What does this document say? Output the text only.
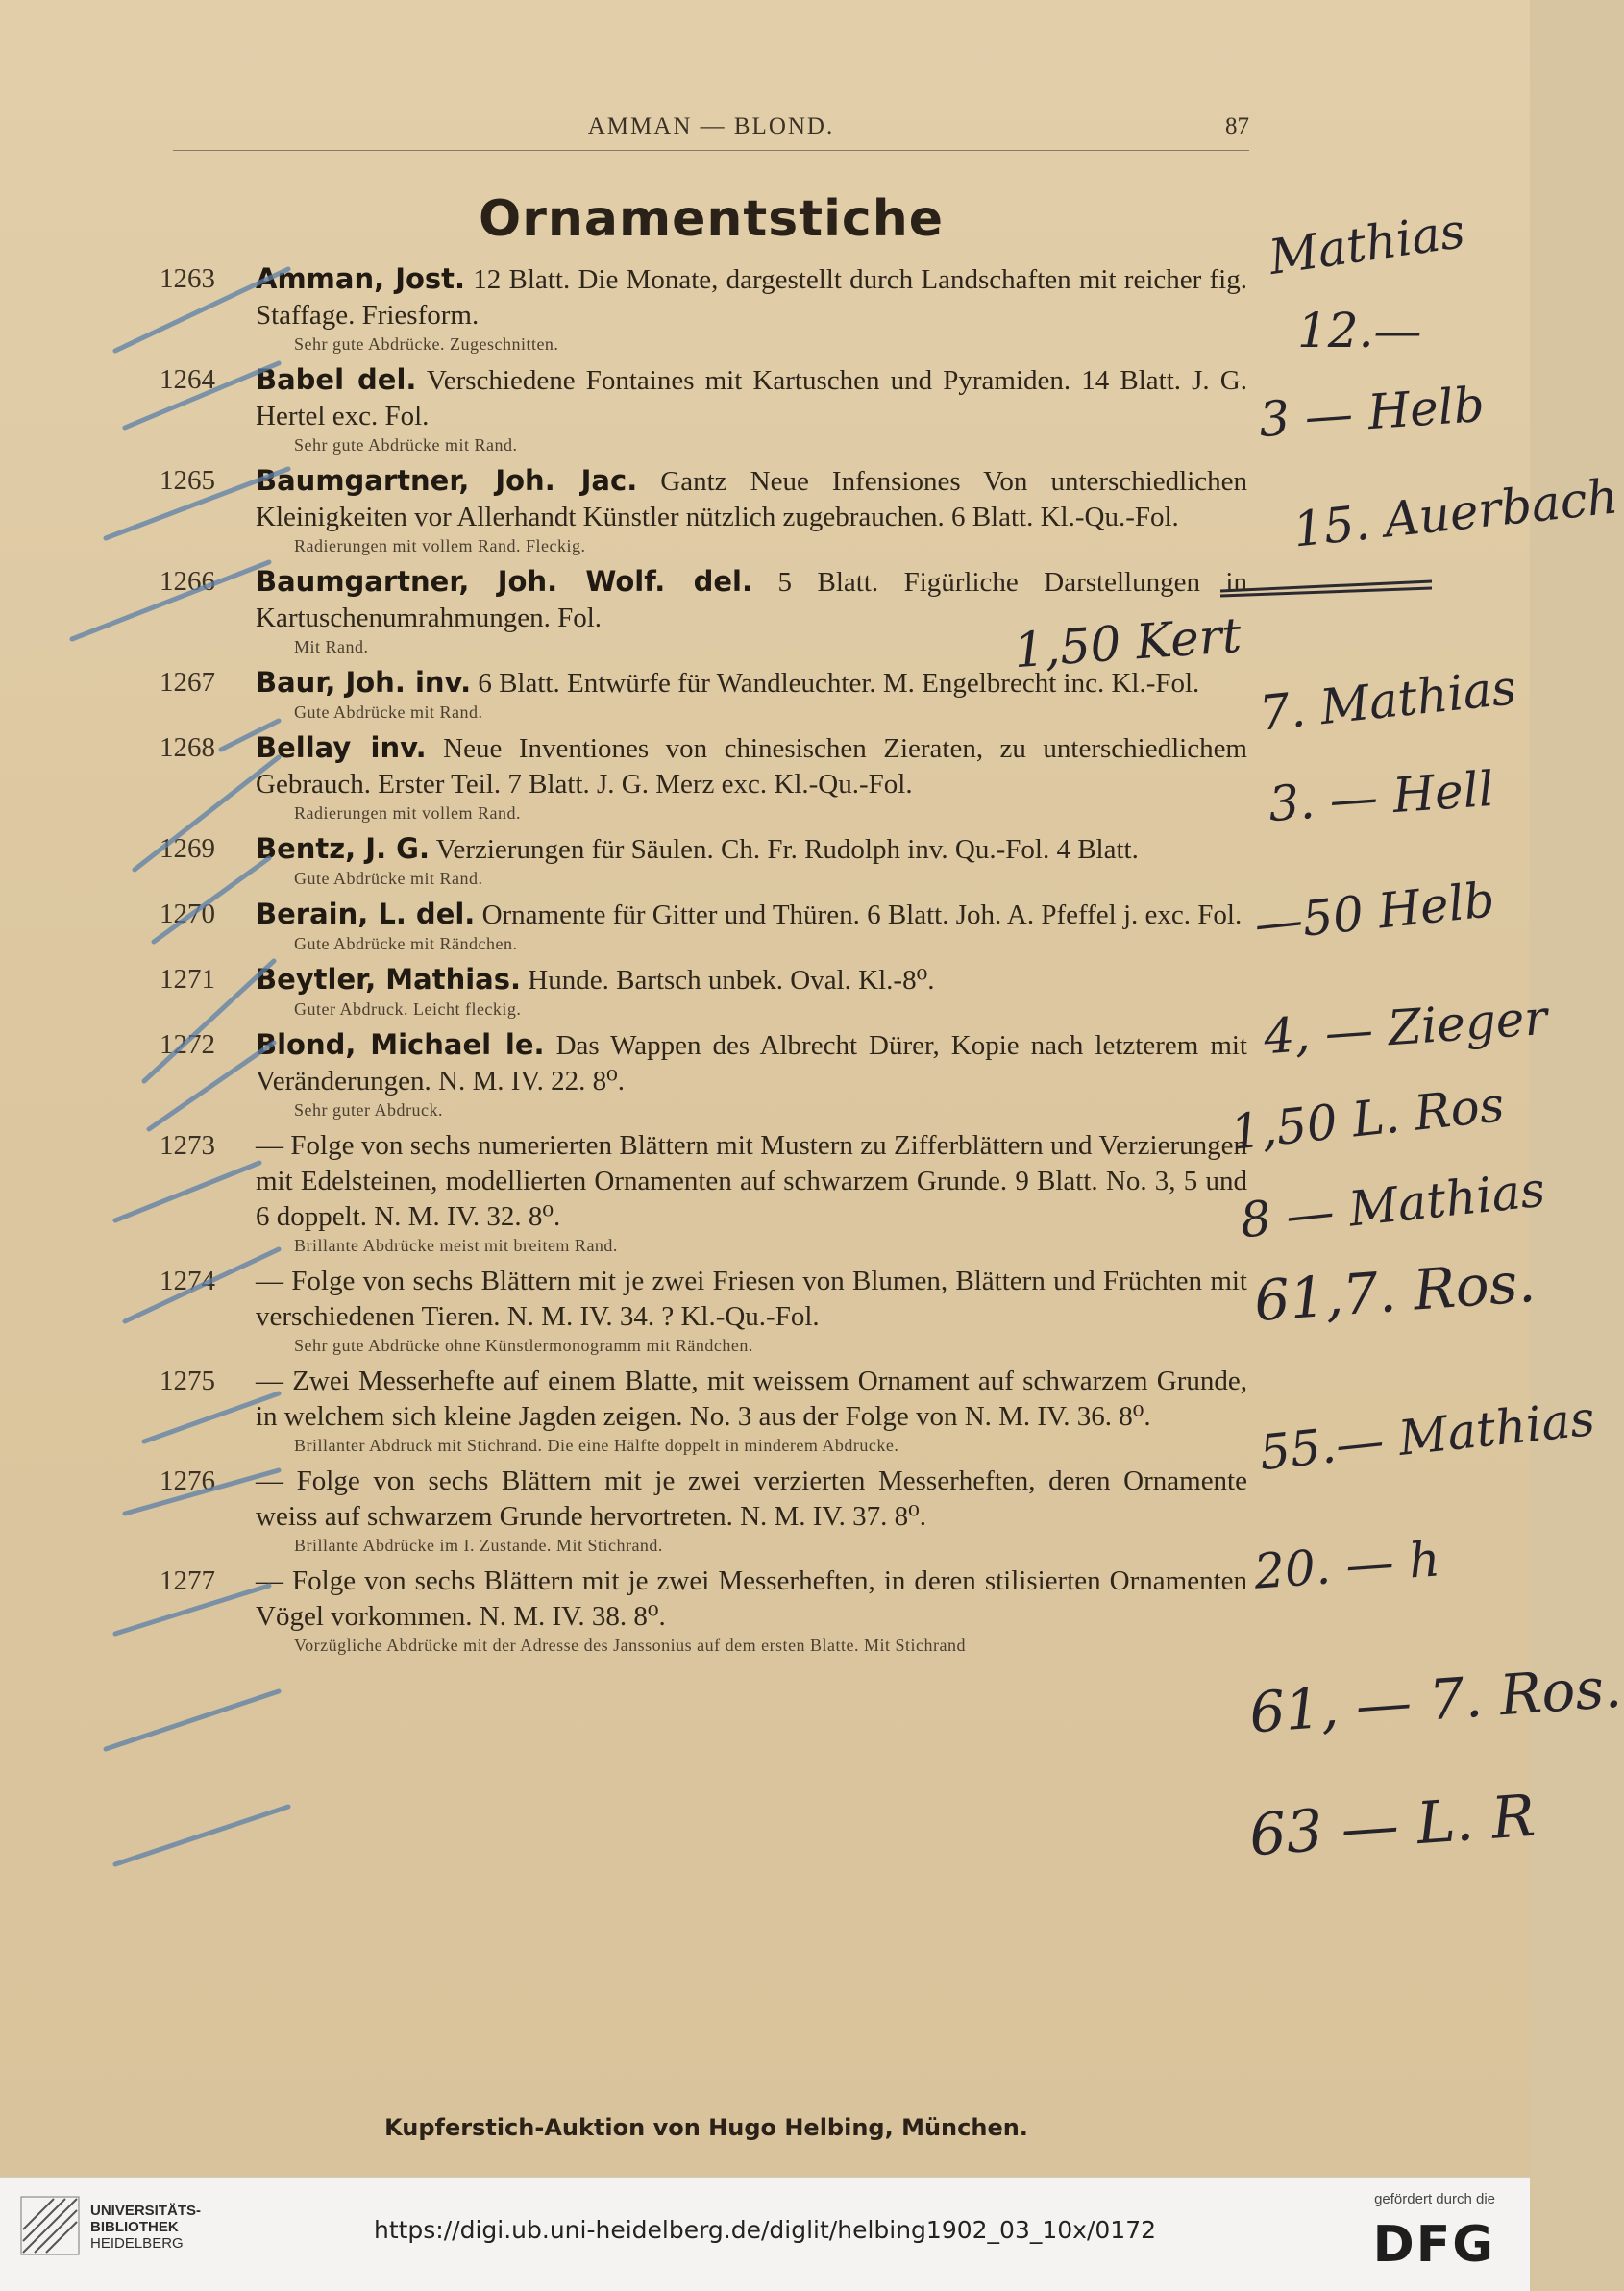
AMMAN — BLOND.	87
Ornamentstiche
1263	Amman, Jost. 12 Blatt. Die Monate, dargestellt durch Landschaften mit reicher fig. Staffage. Friesform.
Sehr gute Abdrücke. Zugeschnitten.
1264	Babel del. Verschiedene Fontaines mit Kartuschen und Pyramiden. 14 Blatt. J. G. Hertel exc. Fol.
Sehr gute Abdrücke mit Rand.
1265	Baumgartner, Joh. Jac. Gantz Neue Infensiones Von unterschiedlichen Kleinigkeiten vor Allerhandt Künstler nützlich zugebrauchen. 6 Blatt. Kl.-Qu.-Fol.
Radierungen mit vollem Rand. Fleckig.
1266	Baumgartner, Joh. Wolf. del. 5 Blatt. Figürliche Darstellungen in Kartuschenumrahmungen. Fol.
Mit Rand.
1267	Baur, Joh. inv. 6 Blatt. Entwürfe für Wandleuchter. M. Engelbrecht inc. Kl.-Fol.
Gute Abdrücke mit Rand.
1268	Bellay inv. Neue Inventiones von chinesischen Zieraten, zu unterschiedlichem Gebrauch. Erster Teil. 7 Blatt. J. G. Merz exc. Kl.-Qu.-Fol.
Radierungen mit vollem Rand.
1269	Bentz, J. G. Verzierungen für Säulen. Ch. Fr. Rudolph inv. Qu.-Fol. 4 Blatt.
Gute Abdrücke mit Rand.
1270	Berain, L. del. Ornamente für Gitter und Thüren. 6 Blatt. Joh. A. Pfeffel j. exc. Fol.
Gute Abdrücke mit Rändchen.
1271	Beytler, Mathias. Hunde. Bartsch unbek. Oval. Kl.-8⁰.
Guter Abdruck. Leicht fleckig.
1272	Blond, Michael le. Das Wappen des Albrecht Dürer, Kopie nach letzterem mit Veränderungen. N. M. IV. 22. 8⁰.
Sehr guter Abdruck.
1273	— Folge von sechs numerierten Blättern mit Mustern zu Zifferblättern und Verzierungen mit Edelsteinen, modellierten Ornamenten auf schwarzem Grunde. 9 Blatt. No. 3, 5 und 6 doppelt. N. M. IV. 32. 8⁰.
Brillante Abdrücke meist mit breitem Rand.
1274	— Folge von sechs Blättern mit je zwei Friesen von Blumen, Blättern und Früchten mit verschiedenen Tieren. N. M. IV. 34. ? Kl.-Qu.-Fol.
Sehr gute Abdrücke ohne Künstlermonogramm mit Rändchen.
1275	— Zwei Messerhefte auf einem Blatte, mit weissem Ornament auf schwarzem Grunde, in welchem sich kleine Jagden zeigen. No. 3 aus der Folge von N. M. IV. 36. 8⁰.
Brillanter Abdruck mit Stichrand. Die eine Hälfte doppelt in minderem Abdrucke.
1276	— Folge von sechs Blättern mit je zwei verzierten Messerheften, deren Ornamente weiss auf schwarzem Grunde hervortreten. N. M. IV. 37. 8⁰.
Brillante Abdrücke im I. Zustande. Mit Stichrand.
1277	— Folge von sechs Blättern mit je zwei Messerheften, in deren stilisierten Ornamenten Vögel vorkommen. N. M. IV. 38. 8⁰.
Vorzügliche Abdrücke mit der Adresse des Janssonius auf dem ersten Blatte. Mit Stichrand
Kupferstich-Auktion von Hugo Helbing, München.
Mathias
12.—
3 — Helb
15. Auerbach
1,50 Kert
7. Mathias
3. — Hell
—50 Helb
4, — Zieger
1,50 L. Ros
8 — Mathias
61,7. Ros.
55.— Mathias
20. — h
61, — 7. Ros.
63 — L. R
UNIVERSITÄTS-
BIBLIOTHEK
HEIDELBERG	https://digi.ub.uni-heidelberg.de/diglit/helbing1902_03_10x/0172
gefördert durch die
DFG
